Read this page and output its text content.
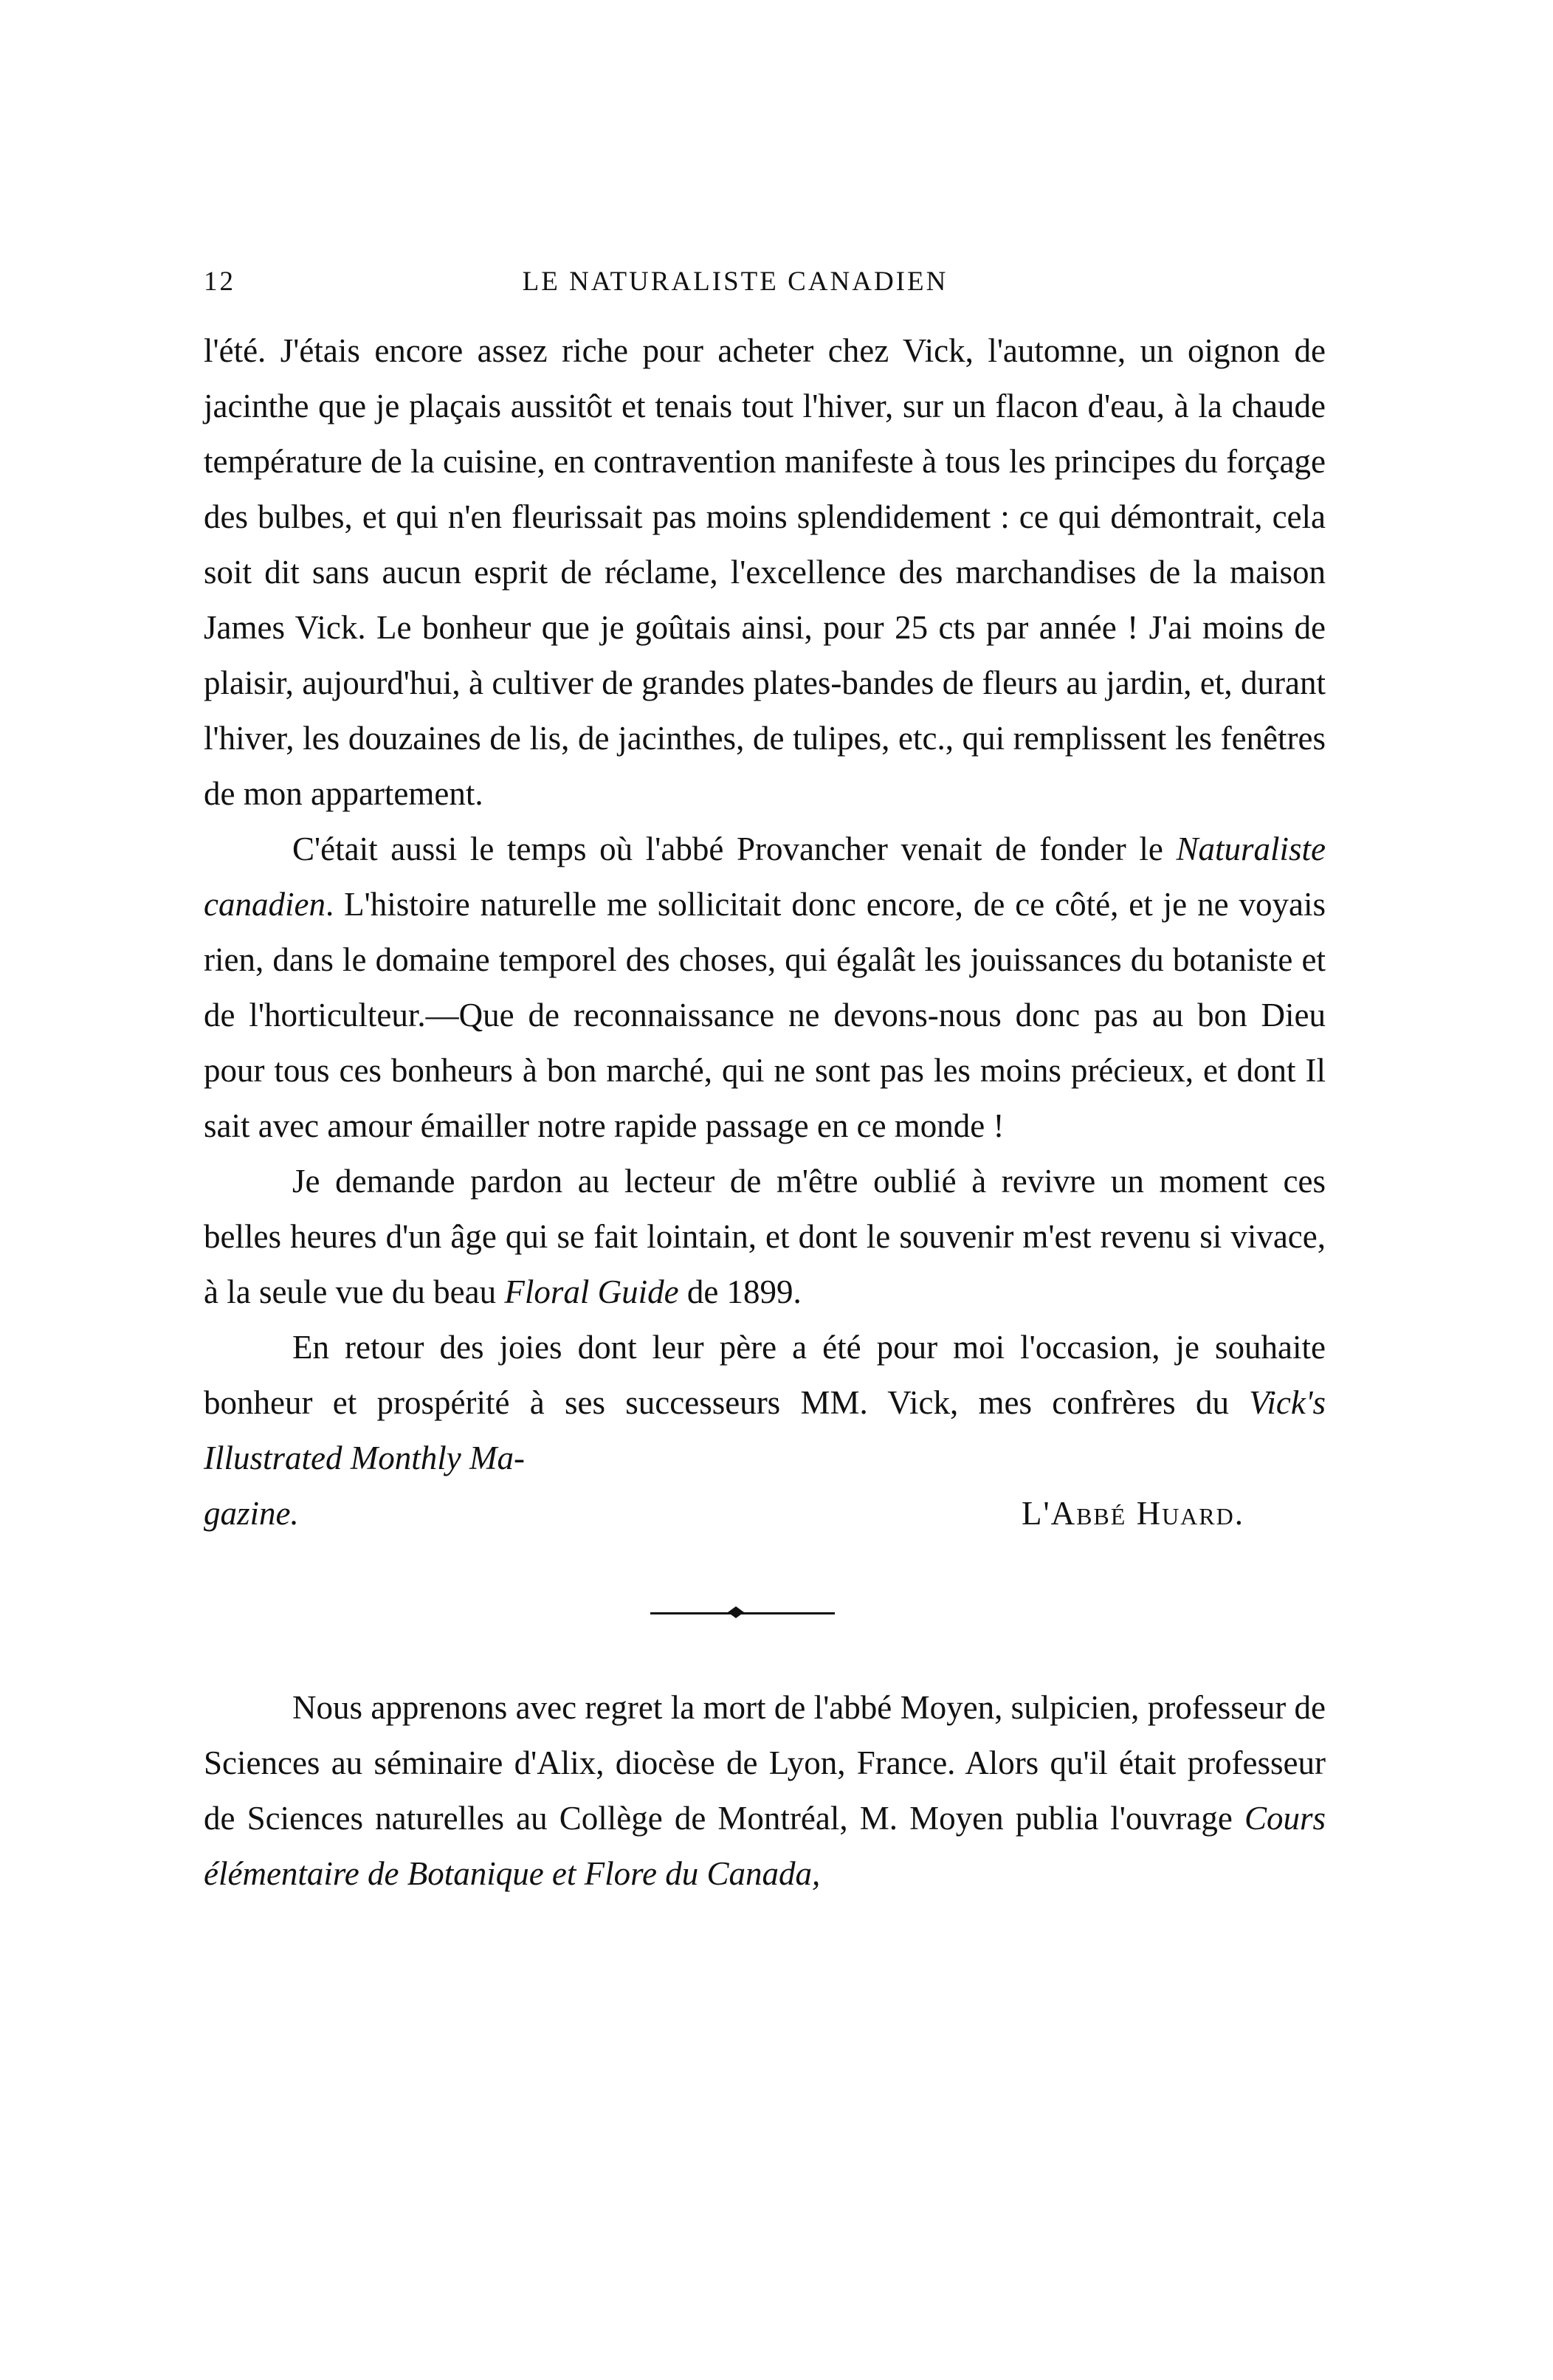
12	LE NATURALISTE CANADIEN

l'été. J'étais encore assez riche pour acheter chez Vick, l'automne, un oignon de jacinthe que je plaçais aussitôt et tenais tout l'hiver, sur un flacon d'eau, à la chaude température de la cuisine, en contravention manifeste à tous les principes du forçage des bulbes, et qui n'en fleurissait pas moins splendidement : ce qui démontrait, cela soit dit sans aucun esprit de réclame, l'excellence des marchandises de la maison James Vick. Le bonheur que je goûtais ainsi, pour 25 cts par année ! J'ai moins de plaisir, aujourd'hui, à cultiver de grandes plates-bandes de fleurs au jardin, et, durant l'hiver, les douzaines de lis, de jacinthes, de tulipes, etc., qui remplissent les fenêtres de mon appartement.

C'était aussi le temps où l'abbé Provancher venait de fonder le Naturaliste canadien. L'histoire naturelle me sollicitait donc encore, de ce côté, et je ne voyais rien, dans le domaine temporel des choses, qui égalât les jouissances du botaniste et de l'horticulteur.—Que de reconnaissance ne devons-nous donc pas au bon Dieu pour tous ces bonheurs à bon marché, qui ne sont pas les moins précieux, et dont Il sait avec amour émailler notre rapide passage en ce monde !

Je demande pardon au lecteur de m'être oublié à revivre un moment ces belles heures d'un âge qui se fait lointain, et dont le souvenir m'est revenu si vivace, à la seule vue du beau Floral Guide de 1899.

En retour des joies dont leur père a été pour moi l'occasion, je souhaite bonheur et prospérité à ses successeurs MM. Vick, mes confrères du Vick's Illustrated Monthly Ma-

gazine.	L'Abbé Huard.

Nous apprenons avec regret la mort de l'abbé Moyen, sulpicien, professeur de Sciences au séminaire d'Alix, diocèse de Lyon, France. Alors qu'il était professeur de Sciences naturelles au Collège de Montréal, M. Moyen publia l'ouvrage Cours élémentaire de Botanique et Flore du Canada,
